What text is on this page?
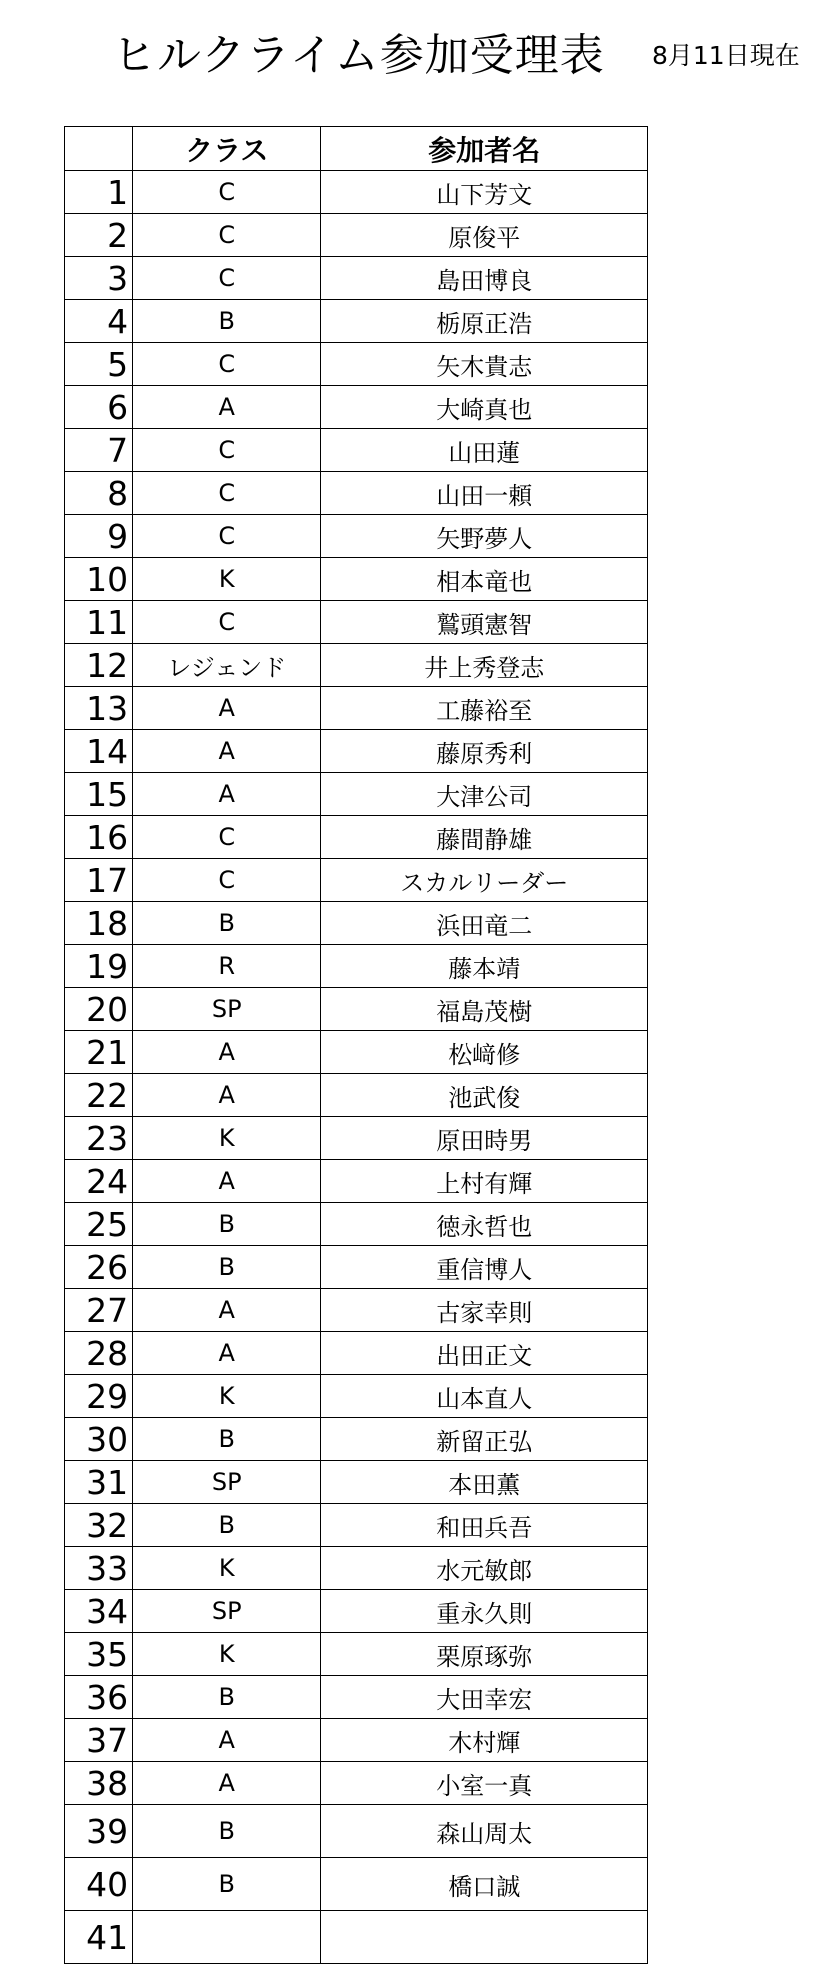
ヒルクライム参加受理表 8月11日現在
	クラス	参加者名
1	C	山下芳文
2	C	原俊平
3	C	島田博良
4	B	栃原正浩
5	C	矢木貴志
6	A	大崎真也
7	C	山田蓮
8	C	山田一頼
9	C	矢野夢人
10	K	相本竜也
11	C	鷲頭憲智
12	レジェンド	井上秀登志
13	A	工藤裕至
14	A	藤原秀利
15	A	大津公司
16	C	藤間静雄
17	C	スカルリーダー
18	B	浜田竜二
19	R	藤本靖
20	SP	福島茂樹
21	A	松﨑修
22	A	池武俊
23	K	原田時男
24	A	上村有輝
25	B	徳永哲也
26	B	重信博人
27	A	古家幸則
28	A	出田正文
29	K	山本直人
30	B	新留正弘
31	SP	本田薫
32	B	和田兵吾
33	K	水元敏郎
34	SP	重永久則
35	K	栗原琢弥
36	B	大田幸宏
37	A	木村輝
38	A	小室一真
39	B	森山周太
40	B	橋口誠
41		
